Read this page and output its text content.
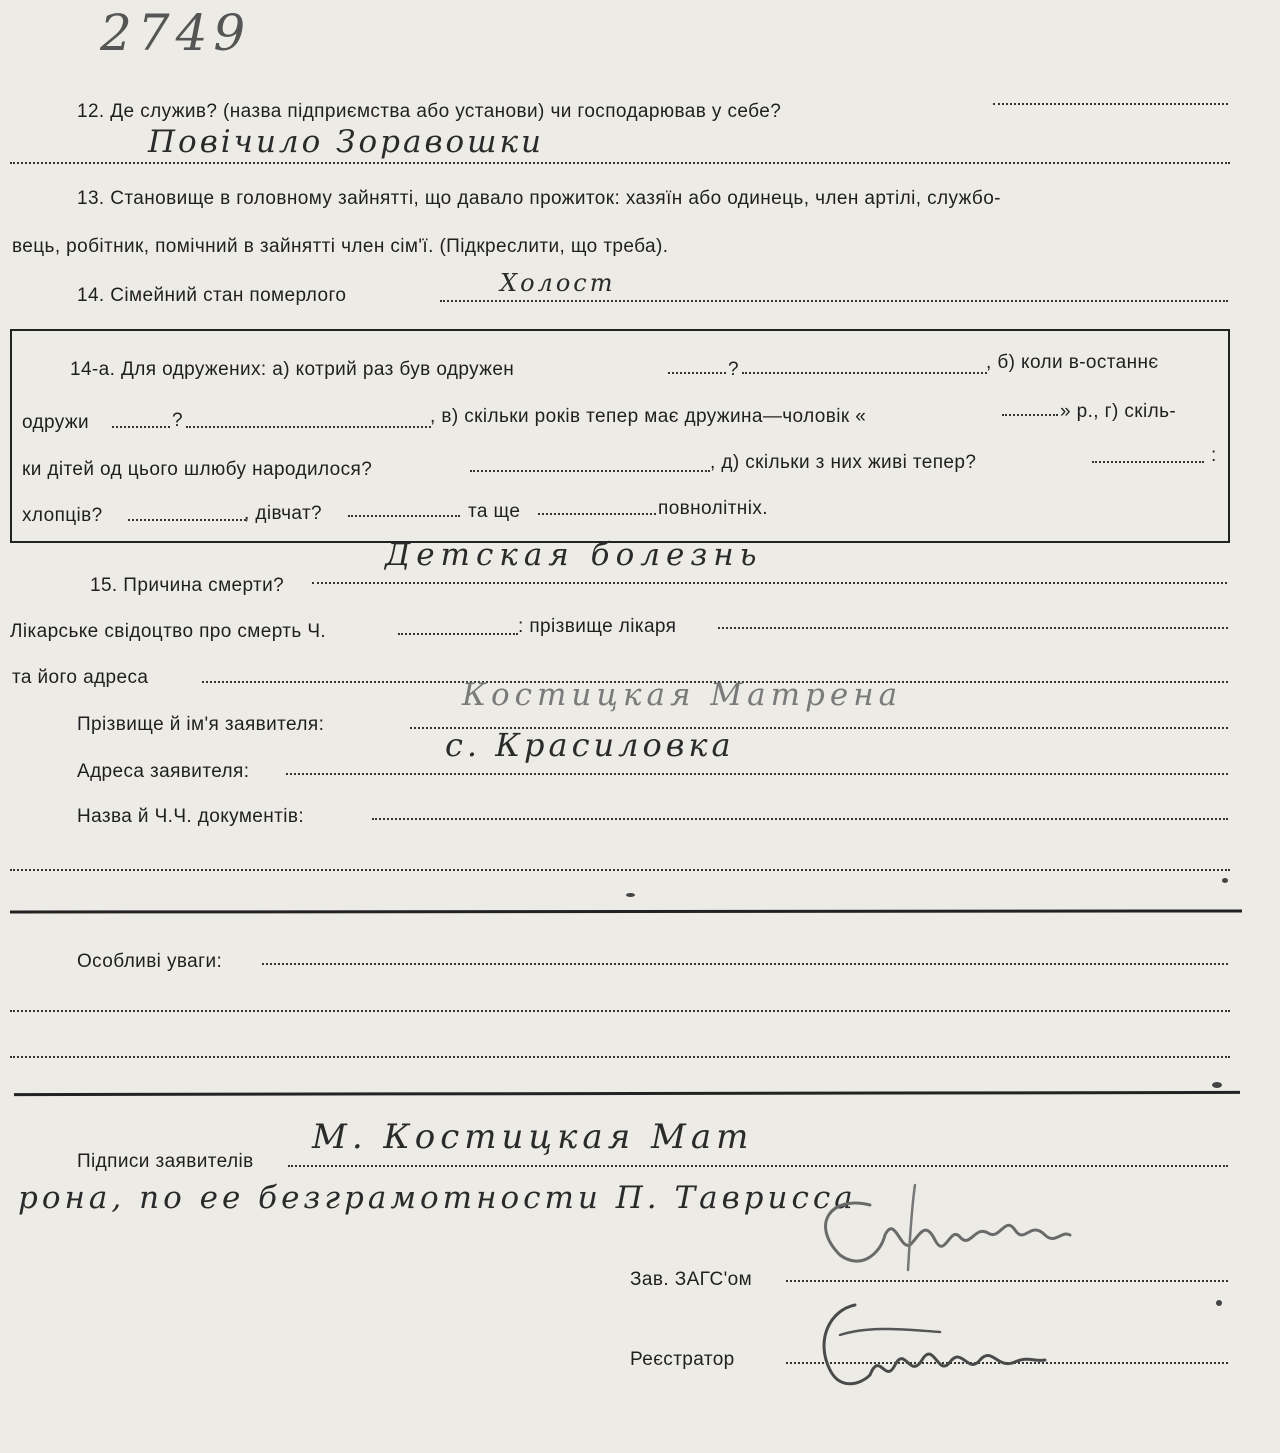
2749
12. Де служив? (назва підприємства або установи) чи господарював у себе?
Повічило Зоравошки
13. Становище в головному зайнятті, що давало прожиток: хазяїн або одинець, член артілі, службо-
вець, робітник, помічний в зайнятті член сім'ї. (Підкреслити, що треба).
14. Сімейний стан померлого	Холост
14-а. Для одружених: а) котрий раз був одружен	?	, б) коли в-останнє
одружи	?	, в) скільки років тепер має дружина—чоловік «	» р., г) скіль-
ки дітей од цього шлюбу народилося?	, д) скільки з них живі тепер?	:
хлопців?	, дівчат?	та ще	повнолітніх.
15. Причина смерти?
Детская болезнь
Лікарське свідоцтво про смерть Ч.	: прізвище лікаря
та його адреса
Прізвище й ім'я заявителя:
Костицкая Матрена
Адреса заявителя:
с. Красиловка
Назва й Ч.Ч. документів:
Особливі уваги:
Підписи заявителів
М. Костицкая Мат
рона, по ее безграмотности П. Таврисса
Зав. ЗАГС'ом
Реєстратор
